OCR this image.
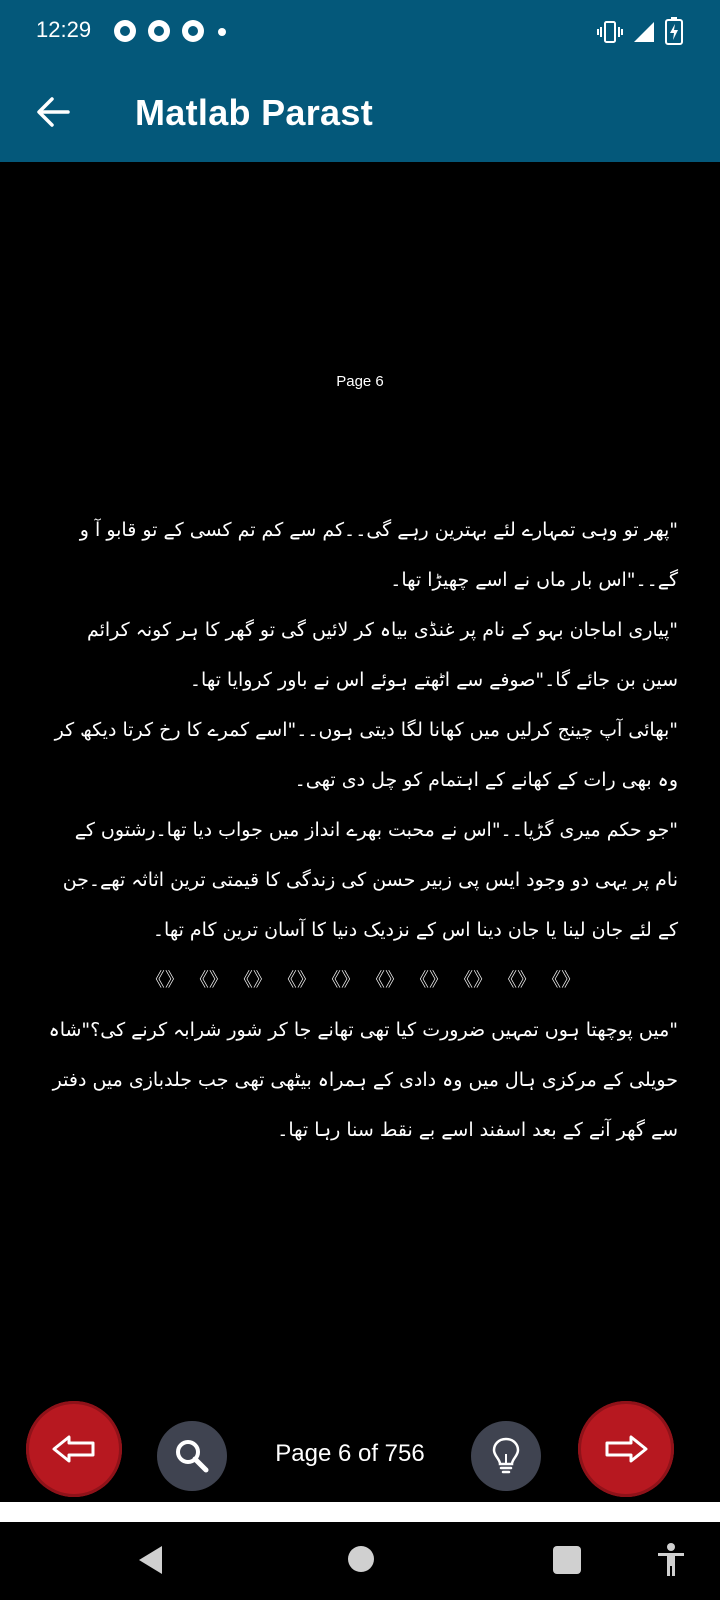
12:29
Matlab Parast
Page 6

"پھر تو وہی تمہارے لئے بہترین رہے گی۔۔کم سے کم تم کسی کے تو قابو آ و گے۔۔"اس بار ماں نے اسے چھیڑا تھا۔

"پیاری اماجان بہو کے نام پر غنڈی بیاہ کر لائیں گی تو گھر کا ہر کونہ کرائم سین بن جائے گا۔"صوفے سے اٹھتے ہوئے اس نے باور کروایا تھا۔

"بھائی آپ چینج کرلیں میں کھانا لگا دیتی ہوں۔۔"اسے کمرے کا رخ کرتا دیکھ کر وہ بھی رات کے کھانے کے اہتمام کو چل دی تھی۔

"جو حکم میری گڑیا۔۔"اس نے محبت بھرے انداز میں جواب دیا تھا۔رشتوں کے نام پر یہی دو وجود ایس پی زبیر حسن کی زندگی کا قیمتی ترین اثاثہ تھے۔جن کے لئے جان لینا یا جان دینا اس کے نزدیک دنیا کا آسان ترین کام تھا۔

《》 《》 《》 《》 《》 《》 《》 《》 《》 《》

"میں پوچھتا ہوں تمہیں ضرورت کیا تھی تھانے جا کر شور شرابہ کرنے کی؟"شاہ حویلی کے مرکزی ہال میں وہ دادی کے ہمراہ بیٹھی تھی جب جلدبازی میں دفتر سے گھر آنے کے بعد اسفند اسے بے نقط سنا رہا تھا۔

Page 6 of 756
